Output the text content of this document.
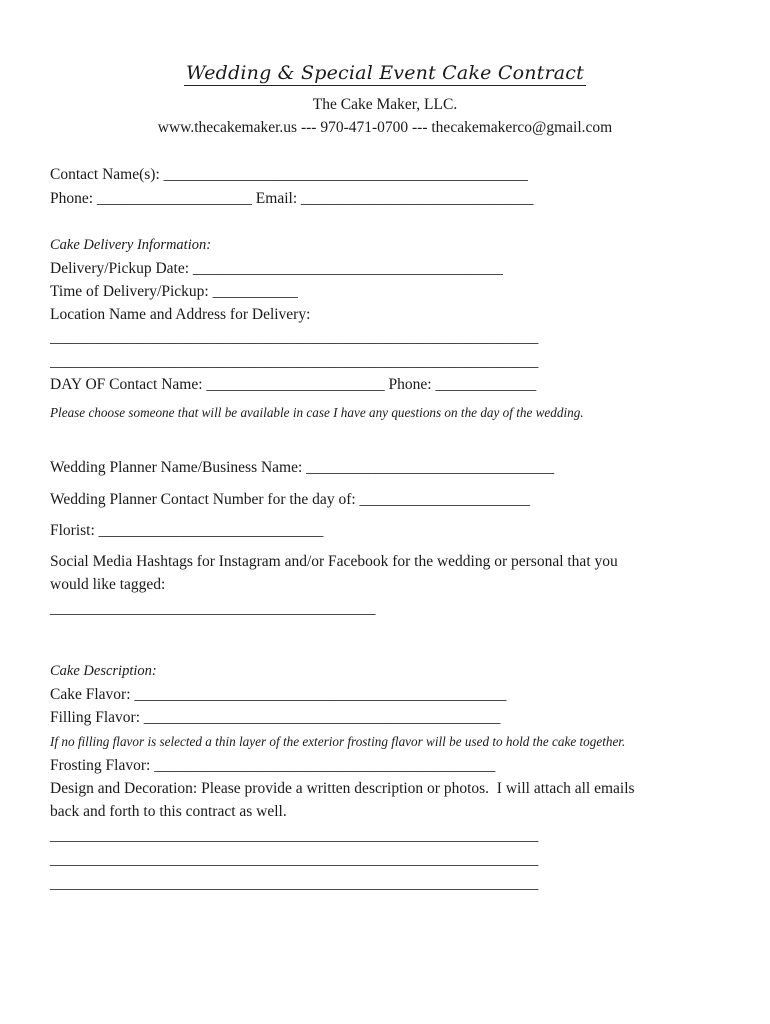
Wedding & Special Event Cake Contract
The Cake Maker, LLC.
www.thecakemaker.us --- 970-471-0700 --- thecakemakerco@gmail.com
Contact Name(s): _______________________________________________
Phone: ____________________ Email: ______________________________
Cake Delivery Information:
Delivery/Pickup Date: ________________________________________
Time of Delivery/Pickup: ___________
Location Name and Address for Delivery:
_______________________________________________________________
_______________________________________________________________
DAY OF Contact Name: _______________________ Phone: _____________
Please choose someone that will be available in case I have any questions on the day of the wedding.
Wedding Planner Name/Business Name: ________________________________
Wedding Planner Contact Number for the day of: ______________________
Florist: _____________________________
Social Media Hashtags for Instagram and/or Facebook for the wedding or personal that you
would like tagged:
__________________________________________
Cake Description:
Cake Flavor: ________________________________________________
Filling Flavor: ______________________________________________
If no filling flavor is selected a thin layer of the exterior frosting flavor will be used to hold the cake together.
Frosting Flavor: ____________________________________________
Design and Decoration: Please provide a written description or photos.  I will attach all emails
back and forth to this contract as well.
_______________________________________________________________
_______________________________________________________________
_______________________________________________________________
